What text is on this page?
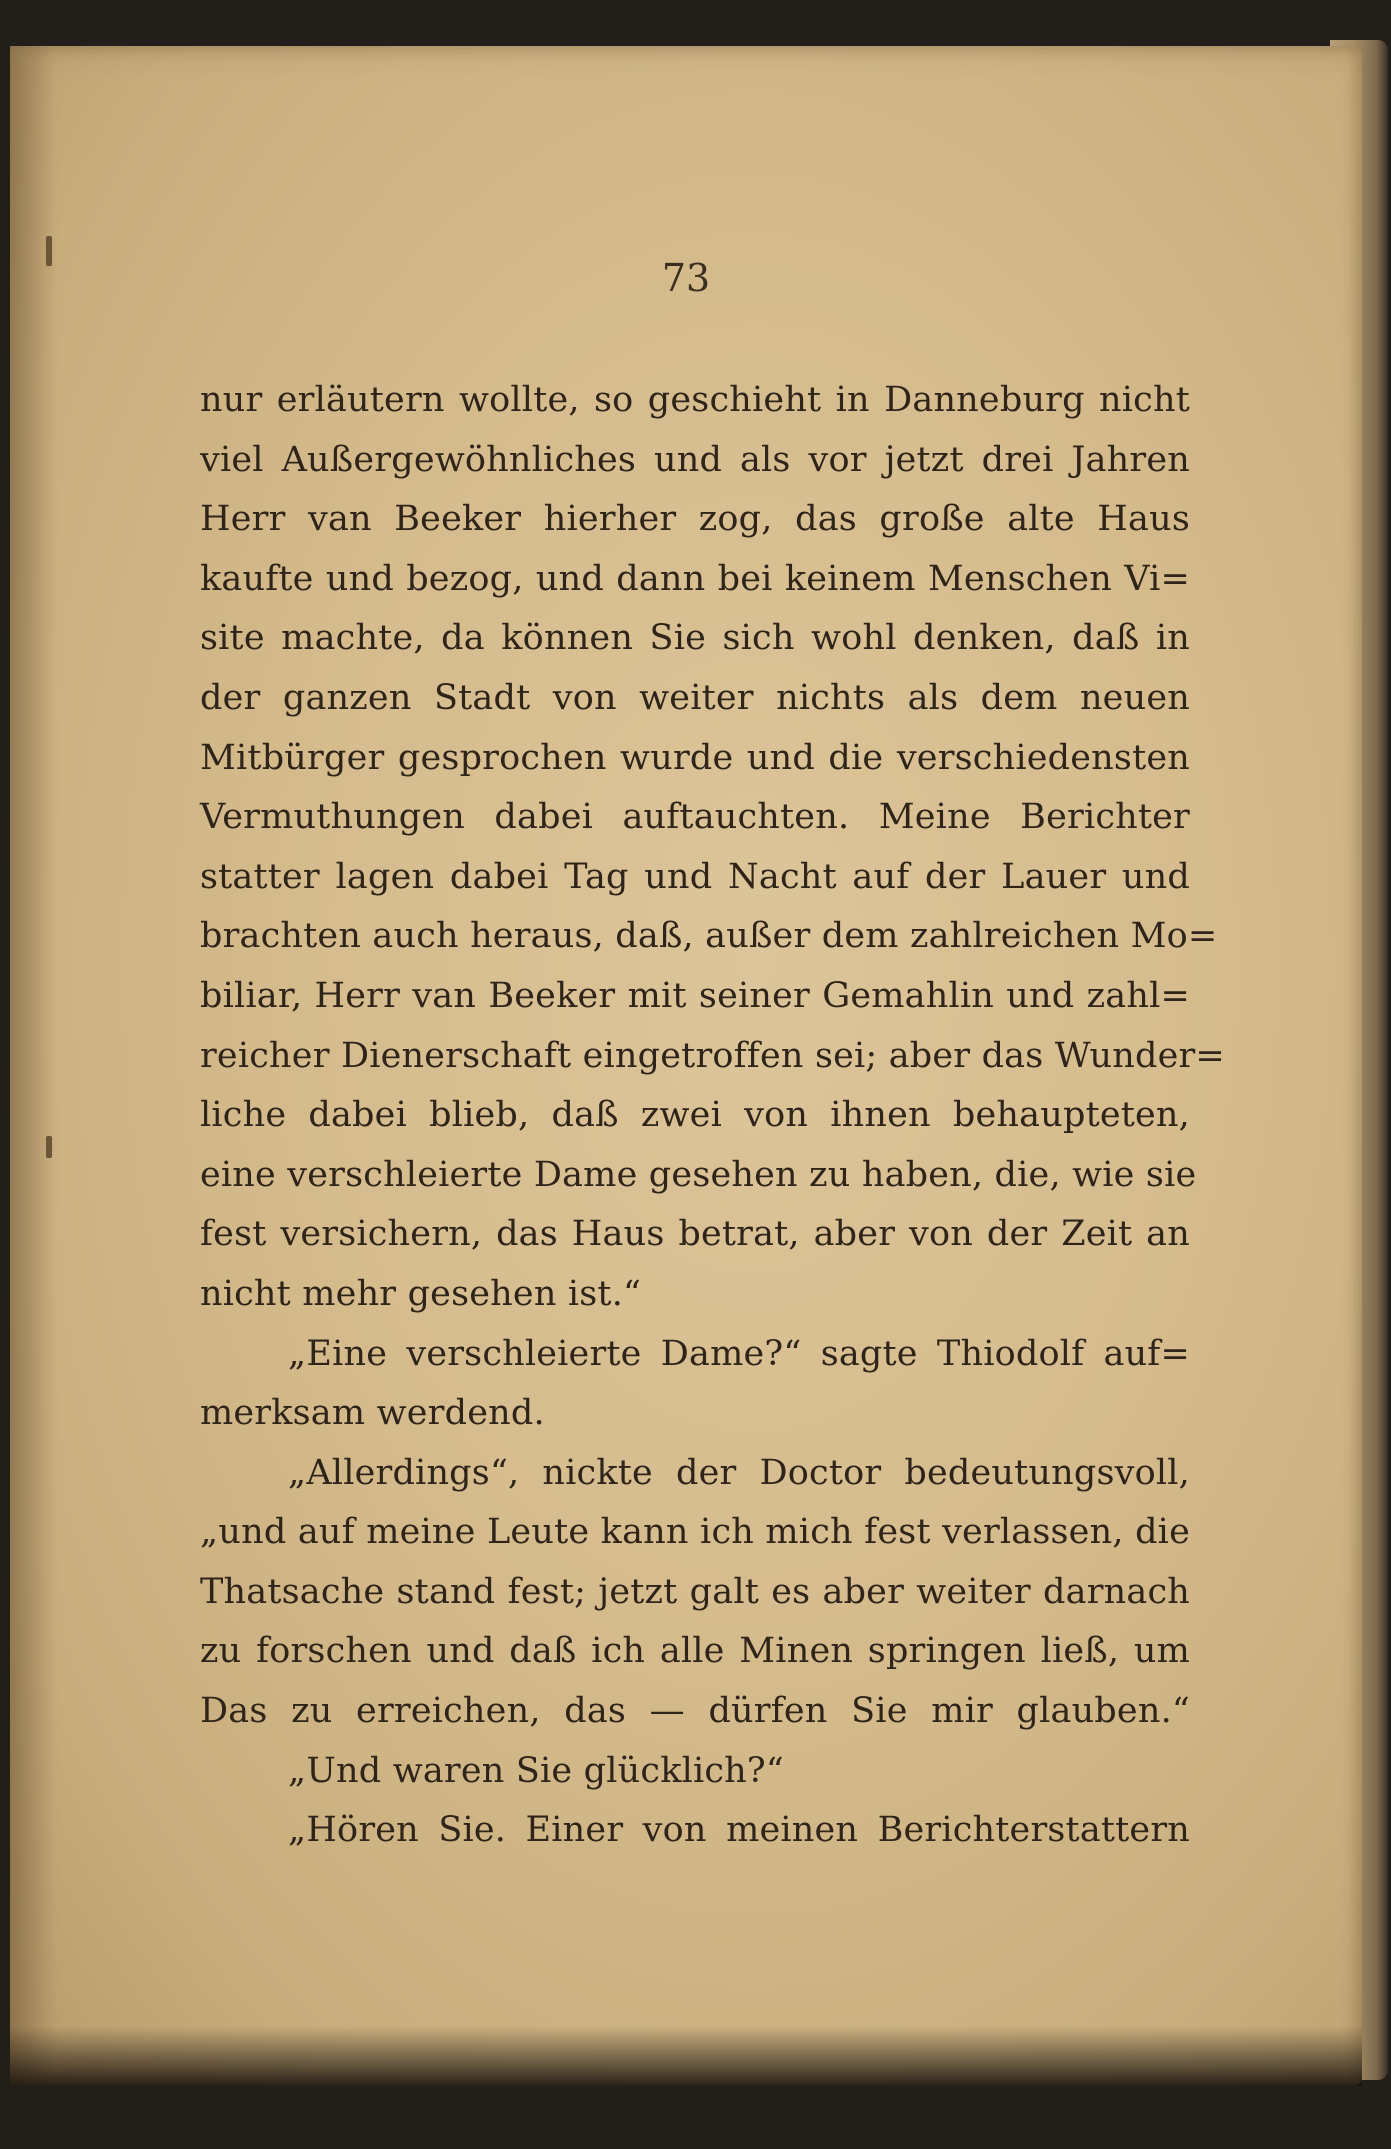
73
nur erläutern wollte, so geschieht in Danneburg nicht
viel Außergewöhnliches und als vor jetzt drei Jahren
Herr van Beeker hierher zog, das große alte Haus
kaufte und bezog, und dann bei keinem Menschen Vi=
site machte, da können Sie sich wohl denken, daß in
der ganzen Stadt von weiter nichts als dem neuen
Mitbürger gesprochen wurde und die verschiedensten
Vermuthungen dabei auftauchten. Meine Berichter
statter lagen dabei Tag und Nacht auf der Lauer und
brachten auch heraus, daß, außer dem zahlreichen Mo=
biliar, Herr van Beeker mit seiner Gemahlin und zahl=
reicher Dienerschaft eingetroffen sei; aber das Wunder=
liche dabei blieb, daß zwei von ihnen behaupteten,
eine verschleierte Dame gesehen zu haben, die, wie sie
fest versichern, das Haus betrat, aber von der Zeit an
nicht mehr gesehen ist.“
„Eine verschleierte Dame?“ sagte Thiodolf auf=
merksam werdend.
„Allerdings“, nickte der Doctor bedeutungsvoll,
„und auf meine Leute kann ich mich fest verlassen, die
Thatsache stand fest; jetzt galt es aber weiter darnach
zu forschen und daß ich alle Minen springen ließ, um
Das zu erreichen, das — dürfen Sie mir glauben.“
„Und waren Sie glücklich?“
„Hören Sie. Einer von meinen Berichterstattern
